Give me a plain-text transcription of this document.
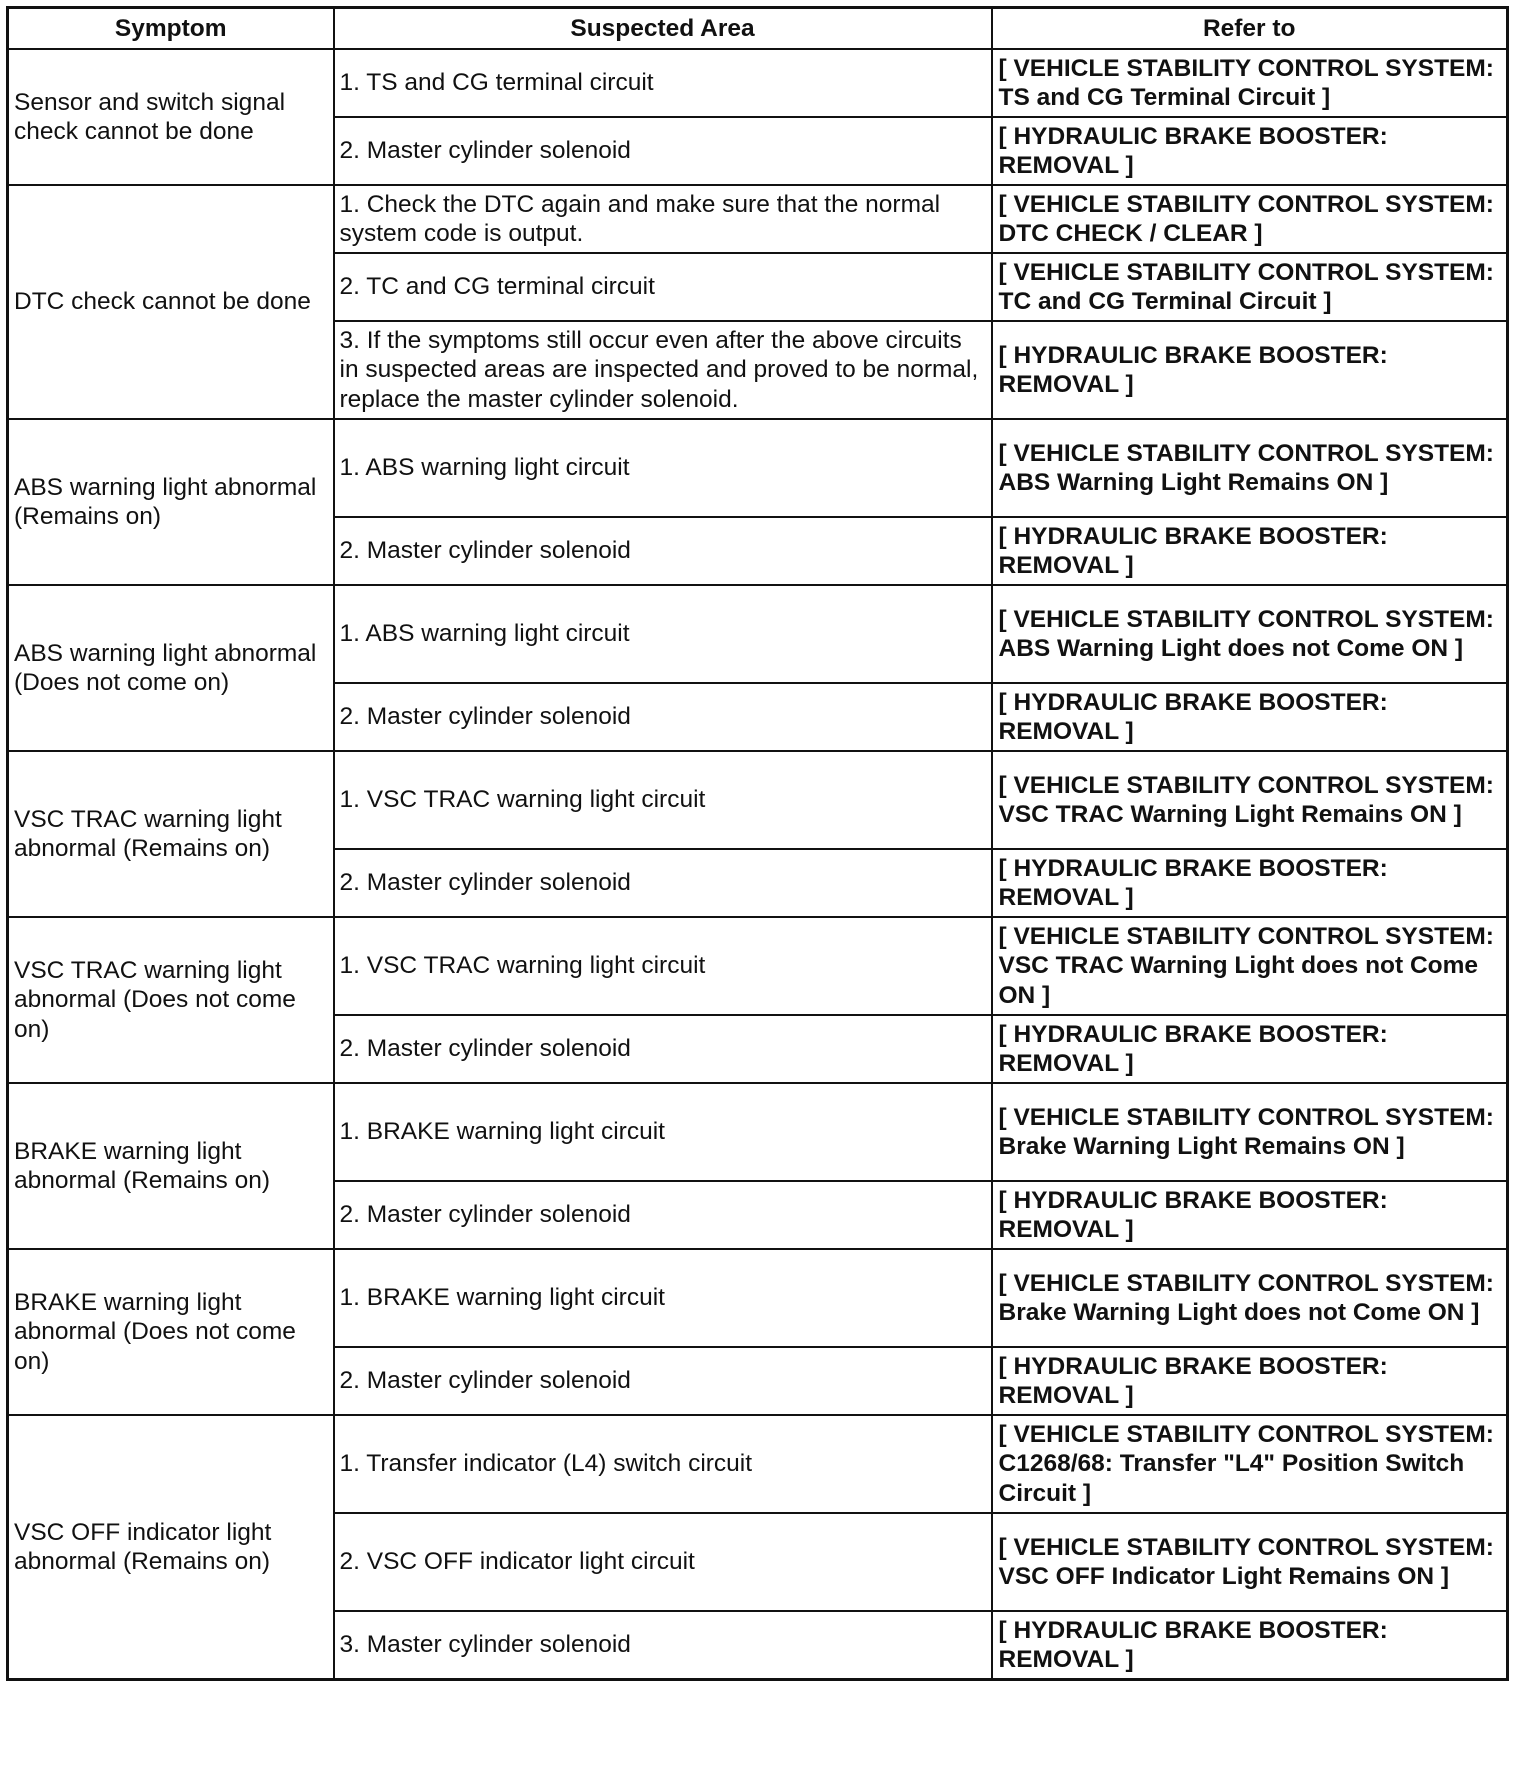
Symptom	Suspected Area	Refer to
Sensor and switch signal check cannot be done	1. TS and CG terminal circuit	[ VEHICLE STABILITY CONTROL SYSTEM: TS and CG Terminal Circuit ]
	2. Master cylinder solenoid	[ HYDRAULIC BRAKE BOOSTER: REMOVAL ]
DTC check cannot be done	1. Check the DTC again and make sure that the normal system code is output.	[ VEHICLE STABILITY CONTROL SYSTEM: DTC CHECK / CLEAR ]
	2. TC and CG terminal circuit	[ VEHICLE STABILITY CONTROL SYSTEM: TC and CG Terminal Circuit ]
	3. If the symptoms still occur even after the above circuits in suspected areas are inspected and proved to be normal, replace the master cylinder solenoid.	[ HYDRAULIC BRAKE BOOSTER: REMOVAL ]
ABS warning light abnormal (Remains on)	1. ABS warning light circuit	[ VEHICLE STABILITY CONTROL SYSTEM: ABS Warning Light Remains ON ]
	2. Master cylinder solenoid	[ HYDRAULIC BRAKE BOOSTER: REMOVAL ]
ABS warning light abnormal (Does not come on)	1. ABS warning light circuit	[ VEHICLE STABILITY CONTROL SYSTEM: ABS Warning Light does not Come ON ]
	2. Master cylinder solenoid	[ HYDRAULIC BRAKE BOOSTER: REMOVAL ]
VSC TRAC warning light abnormal (Remains on)	1. VSC TRAC warning light circuit	[ VEHICLE STABILITY CONTROL SYSTEM: VSC TRAC Warning Light Remains ON ]
	2. Master cylinder solenoid	[ HYDRAULIC BRAKE BOOSTER: REMOVAL ]
VSC TRAC warning light abnormal (Does not come on)	1. VSC TRAC warning light circuit	[ VEHICLE STABILITY CONTROL SYSTEM: VSC TRAC Warning Light does not Come ON ]
	2. Master cylinder solenoid	[ HYDRAULIC BRAKE BOOSTER: REMOVAL ]
BRAKE warning light abnormal (Remains on)	1. BRAKE warning light circuit	[ VEHICLE STABILITY CONTROL SYSTEM: Brake Warning Light Remains ON ]
	2. Master cylinder solenoid	[ HYDRAULIC BRAKE BOOSTER: REMOVAL ]
BRAKE warning light abnormal (Does not come on)	1. BRAKE warning light circuit	[ VEHICLE STABILITY CONTROL SYSTEM: Brake Warning Light does not Come ON ]
	2. Master cylinder solenoid	[ HYDRAULIC BRAKE BOOSTER: REMOVAL ]
VSC OFF indicator light abnormal (Remains on)	1. Transfer indicator (L4) switch circuit	[ VEHICLE STABILITY CONTROL SYSTEM: C1268/68: Transfer "L4" Position Switch Circuit ]
	2. VSC OFF indicator light circuit	[ VEHICLE STABILITY CONTROL SYSTEM: VSC OFF Indicator Light Remains ON ]
	3. Master cylinder solenoid	[ HYDRAULIC BRAKE BOOSTER: REMOVAL ]
